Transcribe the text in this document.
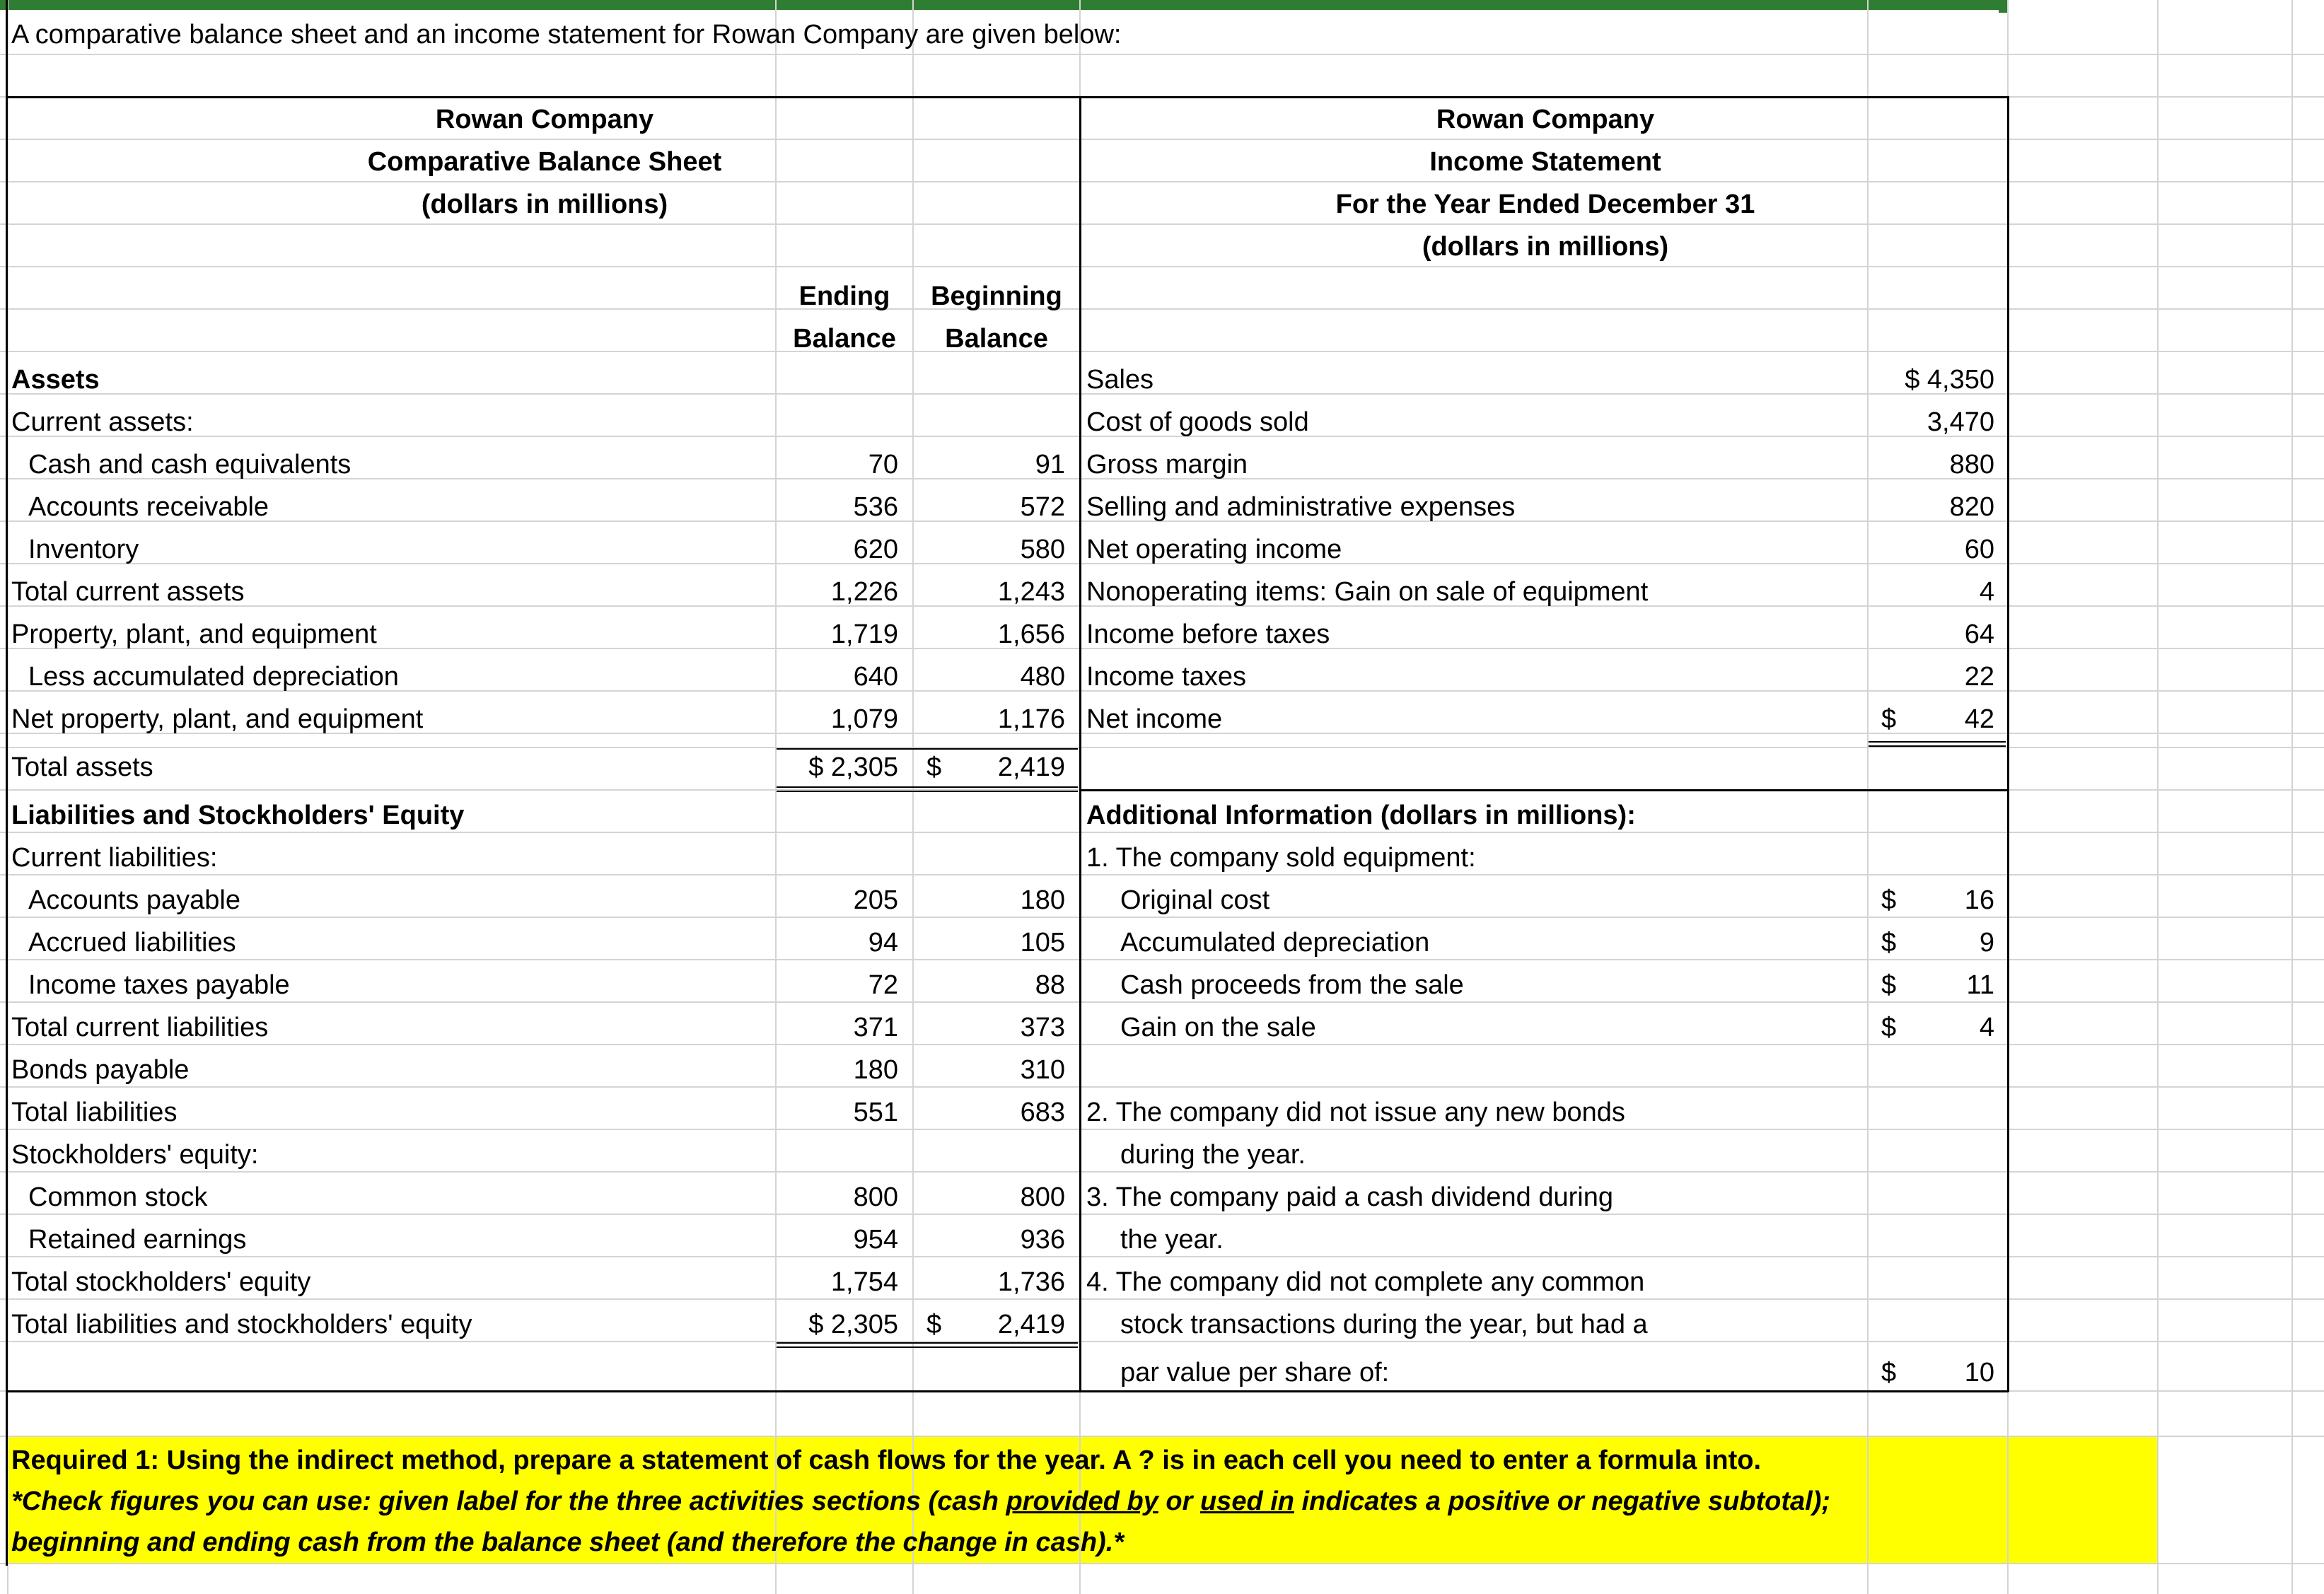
A comparative balance sheet and an income statement for Rowan Company are given below:
Rowan Company
Comparative Balance Sheet
(dollars in millions)
Ending
Balance
Beginning
Balance
Assets
Current assets:
Cash and cash equivalents	70	91
Accounts receivable	536	572
Inventory	620	580
Total current assets	1,226	1,243
Property, plant, and equipment	1,719	1,656
Less accumulated depreciation	640	480
Net property, plant, and equipment	1,079	1,176
Total assets	$ 2,305 $	2,419
Liabilities and Stockholders' Equity
Current liabilities:
Accounts payable	205	180
Accrued liabilities	94	105
Income taxes payable	72	88
Total current liabilities	371	373
Bonds payable	180	310
Total liabilities	551	683
Stockholders' equity:
Common stock	800	800
Retained earnings	954	936
Total stockholders' equity	1,754	1,736
Total liabilities and stockholders' equity	$ 2,305 $	2,419
Rowan Company
Income Statement
For the Year Ended December 31
(dollars in millions)
Sales	$ 4,350
Cost of goods sold	3,470
Gross margin	880
Selling and administrative expenses	820
Net operating income	60
Nonoperating items: Gain on sale of equipment	4
Income before taxes	64
Income taxes	22
Net income	$	42
Additional Information (dollars in millions):
1. The company sold equipment:
Original cost	$	16
Accumulated depreciation	$	9
Cash proceeds from the sale	$	11
Gain on the sale	$	4
2. The company did not issue any new bonds
during the year.
3. The company paid a cash dividend during
the year.
4. The company did not complete any common
stock transactions during the year, but had a
par value per share of:	$	10
Required 1: Using the indirect method, prepare a statement of cash flows for the year. A ? is in each cell you need to enter a formula into.
*Check figures you can use: given label for the three activities sections (cash provided by or used in indicates a positive or negative subtotal);
beginning and ending cash from the balance sheet (and therefore the change in cash).*
